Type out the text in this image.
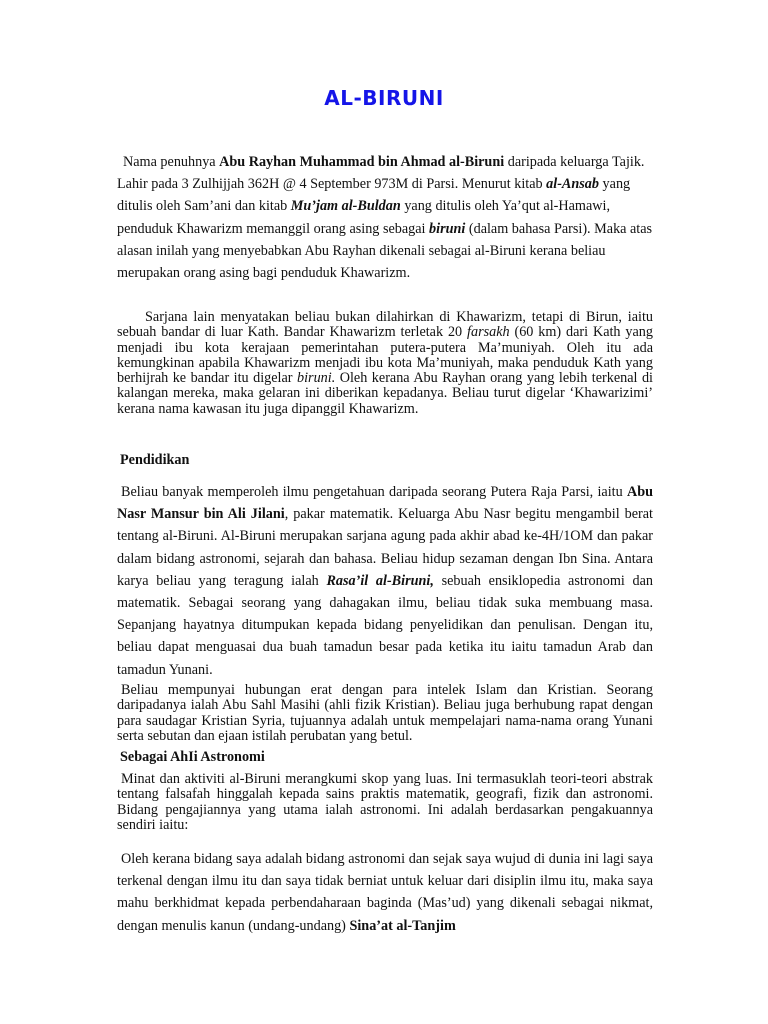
AL-BIRUNI

Nama penuhnya Abu Rayhan Muhammad bin Ahmad al-Biruni daripada keluarga Tajik. Lahir pada 3 Zulhijjah 362H @ 4 September 973M di Parsi. Menurut kitab al-Ansab yang ditulis oleh Sam’ani dan kitab Mu’jam al-Buldan yang ditulis oleh Ya’qut al-Hamawi, penduduk Khawarizm memanggil orang asing sebagai biruni (dalam bahasa Parsi). Maka atas alasan inilah yang menyebabkan Abu Rayhan dikenali sebagai al-Biruni kerana beliau merupakan orang asing bagi penduduk Khawarizm.

Sarjana lain menyatakan beliau bukan dilahirkan di Khawarizm, tetapi di Birun, iaitu sebuah bandar di luar Kath. Bandar Khawarizm terletak 20 farsakh (60 km) dari Kath yang menjadi ibu kota kerajaan pemerintahan putera-putera Ma’muniyah. Oleh itu ada kemungkinan apabila Khawarizm menjadi ibu kota Ma’muniyah, maka penduduk Kath yang berhijrah ke bandar itu digelar biruni. Oleh kerana Abu Rayhan orang yang lebih terkenal di kalangan mereka, maka gelaran ini diberikan kepadanya. Beliau turut digelar ‘Khawarizimi’ kerana nama kawasan itu juga dipanggil Khawarizm.

Pendidikan

Beliau banyak memperoleh ilmu pengetahuan daripada seorang Putera Raja Parsi, iaitu Abu Nasr Mansur bin Ali Jilani, pakar matematik. Keluarga Abu Nasr begitu mengambil berat tentang al-Biruni. Al-Biruni merupakan sarjana agung pada akhir abad ke-4H/1OM dan pakar dalam bidang astronomi, sejarah dan bahasa. Beliau hidup sezaman dengan Ibn Sina. Antara karya beliau yang teragung ialah Rasa’il al-Biruni, sebuah ensiklopedia astronomi dan matematik. Sebagai seorang yang dahagakan ilmu, beliau tidak suka membuang masa. Sepanjang hayatnya ditumpukan kepada bidang penyelidikan dan penulisan. Dengan itu, beliau dapat menguasai dua buah tamadun besar pada ketika itu iaitu tamadun Arab dan tamadun Yunani.

Beliau mempunyai hubungan erat dengan para intelek Islam dan Kristian. Seorang daripadanya ialah Abu Sahl Masihi (ahli fizik Kristian). Beliau juga berhubung rapat dengan para saudagar Kristian Syria, tujuannya adalah untuk mempelajari nama-nama orang Yunani serta sebutan dan ejaan istilah perubatan yang betul.

Sebagai AhIi Astronomi

Minat dan aktiviti al-Biruni merangkumi skop yang luas. Ini termasuklah teori-teori abstrak tentang falsafah hinggalah kepada sains praktis matematik, geografi, fizik dan astronomi. Bidang pengajiannya yang utama ialah astronomi. Ini adalah berdasarkan pengakuannya sendiri iaitu:

Oleh kerana bidang saya adalah bidang astronomi dan sejak saya wujud di dunia ini lagi saya terkenal dengan ilmu itu dan saya tidak berniat untuk keluar dari disiplin ilmu itu, maka saya mahu berkhidmat kepada perbendaharaan baginda (Mas’ud) yang dikenali sebagai nikmat, dengan menulis kanun (undang-undang) Sina’at al-Tanjim
